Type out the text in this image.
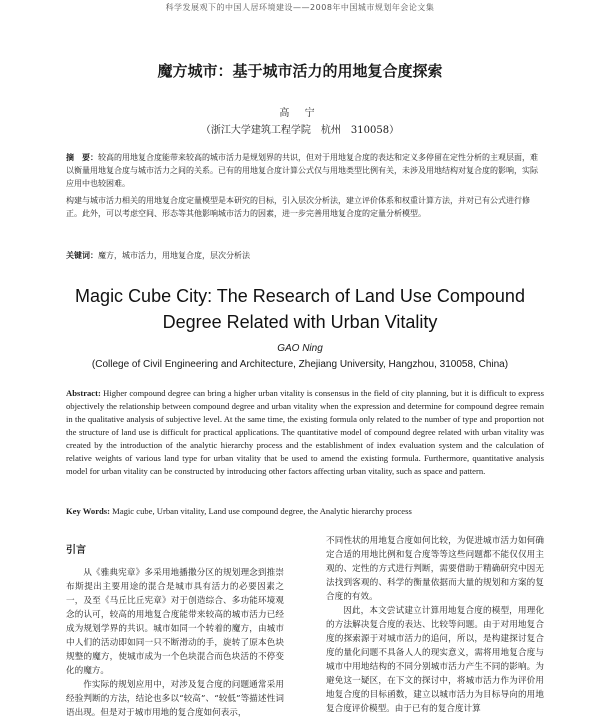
科学发展观下的中国人居环境建设——2008年中国城市规划年会论文集
魔方城市：基于城市活力的用地复合度探索
高 宁
（浙江大学建筑工程学院　杭州　310058）
摘　要：较高的用地复合度能带来较高的城市活力是规划界的共识，但对于用地复合度的表达和定义多停留在定性分析的主观层面，难以衡量用地复合度与城市活力之间的关系。已有的用地复合度计算公式仅与用地类型比例有关，未涉及用地结构对复合度的影响，实际应用中也较困难。
构建与城市活力相关的用地复合度定量模型是本研究的目标，引入层次分析法，建立评价体系和权重计算方法，并对已有公式进行修正。此外，可以考虑空间、形态等其他影响城市活力的因素，进一步完善用地复合度的定量分析模型。
关键词：魔方，城市活力，用地复合度，层次分析法
Magic Cube City: The Research of Land Use Compound
Degree Related with Urban Vitality
GAO Ning
(College of Civil Engineering and Architecture, Zhejiang University, Hangzhou, 310058, China)
Abstract: Higher compound degree can bring a higher urban vitality is consensus in the field of city planning, but it is difficult to express objectively the relationship between compound degree and urban vitality when the expression and determine for compound degree remain in the qualitative analysis of subjective level. At the same time, the existing formula only related to the number of type and proportion not the structure of land use is difficult for practical applications. The quantitative model of compound degree related with urban vitality was created by the introduction of the analytic hierarchy process and the establishment of index evaluation system and the calculation of relative weights of various land type for urban vitality that be used to amend the existing formula. Furthermore, quantitative analysis model for urban vitality can be constructed by introducing other factors affecting urban vitality, such as space and pattern.
Key Words: Magic cube, Urban vitality, Land use compound degree, the Analytic hierarchy process
引言

从《雅典宪章》多采用地播撒分区的规划理念到推崇布斯提出主要用途的混合是城市具有活力的必要因素之一，及至《马丘比丘宪章》对于创造综合、多功能环境观念的认可，较高的用地复合度能带来较高的城市活力已经成为规划学界的共识。城市如同一个转着的魔方，由城市中人们的活动即如同一只不断滑动的手，旋转了原本色块规整的魔方，使城市成为一个色块混合而色块活的不停变化的魔方。

作实际的规划应用中，对涉及复合度的问题通常采用经验判断的方法，结论也多以“较高”、“较低”等描述性词语出现。但是对于城市用地的复合度如何表示，

不同性状的用地复合度如何比较，为促进城市活力如何确定合适的用地比例和复合度等等这些问题都不能仅仅用主观的、定性的方式进行判断，需要借助于精确研究中因无法找到客观的、科学的衡量依据而大量的规划和方案的复合度的有效。

因此，本文尝试建立计算用地复合度的模型，用理化的方法解决复合度的表达、比较等问题。由于对用地复合度的探索源于对城市活力的追问，所以，是构建探讨复合度的量化问题不具备人人的现实意义，需将用地复合度与城市中用地结构的不同分别城市活力产生不同的影响。为避免这一疑区，在下文的探讨中，将城市活力作为评价用地复合度的目标函数，建立以城市活力为目标导向的用地复合度评价模型。由于已有的复合度计算
